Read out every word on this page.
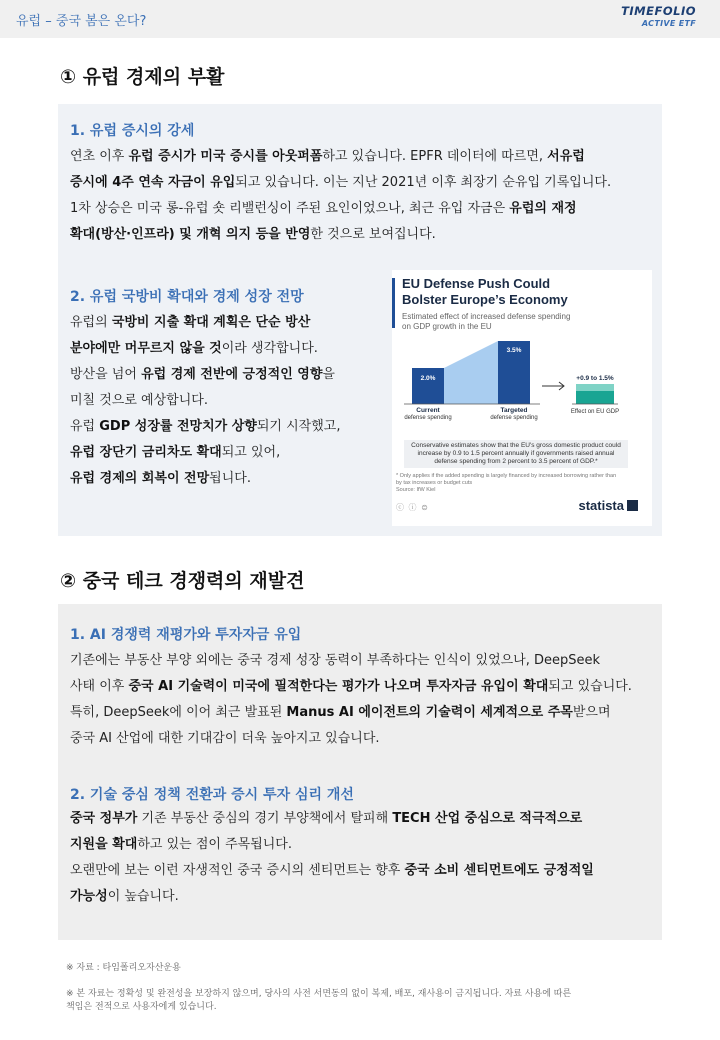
유럽 – 중국 봄은 온다?
TIMEFOLIO
ACTIVE ETF
① 유럽 경제의 부활
1. 유럽 증시의 강세
연초 이후 유럽 증시가 미국 증시를 아웃퍼폼하고 있습니다. EPFR 데이터에 따르면, 서유럽
증시에 4주 연속 자금이 유입되고 있습니다. 이는 지난 2021년 이후 최장기 순유입 기록입니다.
1차 상승은 미국 롱-유럽 숏 리밸런싱이 주된 요인이었으나, 최근 유입 자금은 유럽의 재정
확대(방산·인프라) 및 개혁 의지 등을 반영한 것으로 보여집니다.
2. 유럽 국방비 확대와 경제 성장 전망
유럽의 국방비 지출 확대 계획은 단순 방산
분야에만 머무르지 않을 것이라 생각합니다.
방산을 넘어 유럽 경제 전반에 긍정적인 영향을
미칠 것으로 예상합니다.
유럽 GDP 성장률 전망치가 상향되기 시작했고,
유럽 장단기 금리차도 확대되고 있어,
유럽 경제의 회복이 전망됩니다.
EU Defense Push Could
Bolster Europe’s Economy
Estimated effect of increased defense spending
on GDP growth in the EU
2.0%
3.5%
Current
defense spending
Targeted
defense spending
+0.9 to 1.5%
Effect on EU GDP
Conservative estimates show that the EU's gross domestic product could
increase by 0.9 to 1.5 percent annually if governments raised annual
defense spending from 2 percent to 3.5 percent of GDP.*
* Only applies if the added spending is largely financed by increased borrowing rather than
by tax increases or budget cuts
Source: IfW Kiel
ⓒ ⓘ ⊜	statista
② 중국 테크 경쟁력의 재발견
1. AI 경쟁력 재평가와 투자자금 유입
기존에는 부동산 부양 외에는 중국 경제 성장 동력이 부족하다는 인식이 있었으나, DeepSeek
사태 이후 중국 AI 기술력이 미국에 필적한다는 평가가 나오며 투자자금 유입이 확대되고 있습니다.
특히, DeepSeek에 이어 최근 발표된 Manus AI 에이전트의 기술력이 세계적으로 주목받으며
중국 AI 산업에 대한 기대감이 더욱 높아지고 있습니다.
2. 기술 중심 정책 전환과 증시 투자 심리 개선
중국 정부가 기존 부동산 중심의 경기 부양책에서 탈피해 TECH 산업 중심으로 적극적으로
지원을 확대하고 있는 점이 주목됩니다.
오랜만에 보는 이런 자생적인 중국 증시의 센티먼트는 향후 중국 소비 센티먼트에도 긍정적일
가능성이 높습니다.
※ 자료 : 타임폴리오자산운용
※ 본 자료는 정확성 및 완전성을 보장하지 않으며, 당사의 사전 서면동의 없이 복제, 배포, 재사용이 금지됩니다. 자료 사용에 따른
책임은 전적으로 사용자에게 있습니다.
